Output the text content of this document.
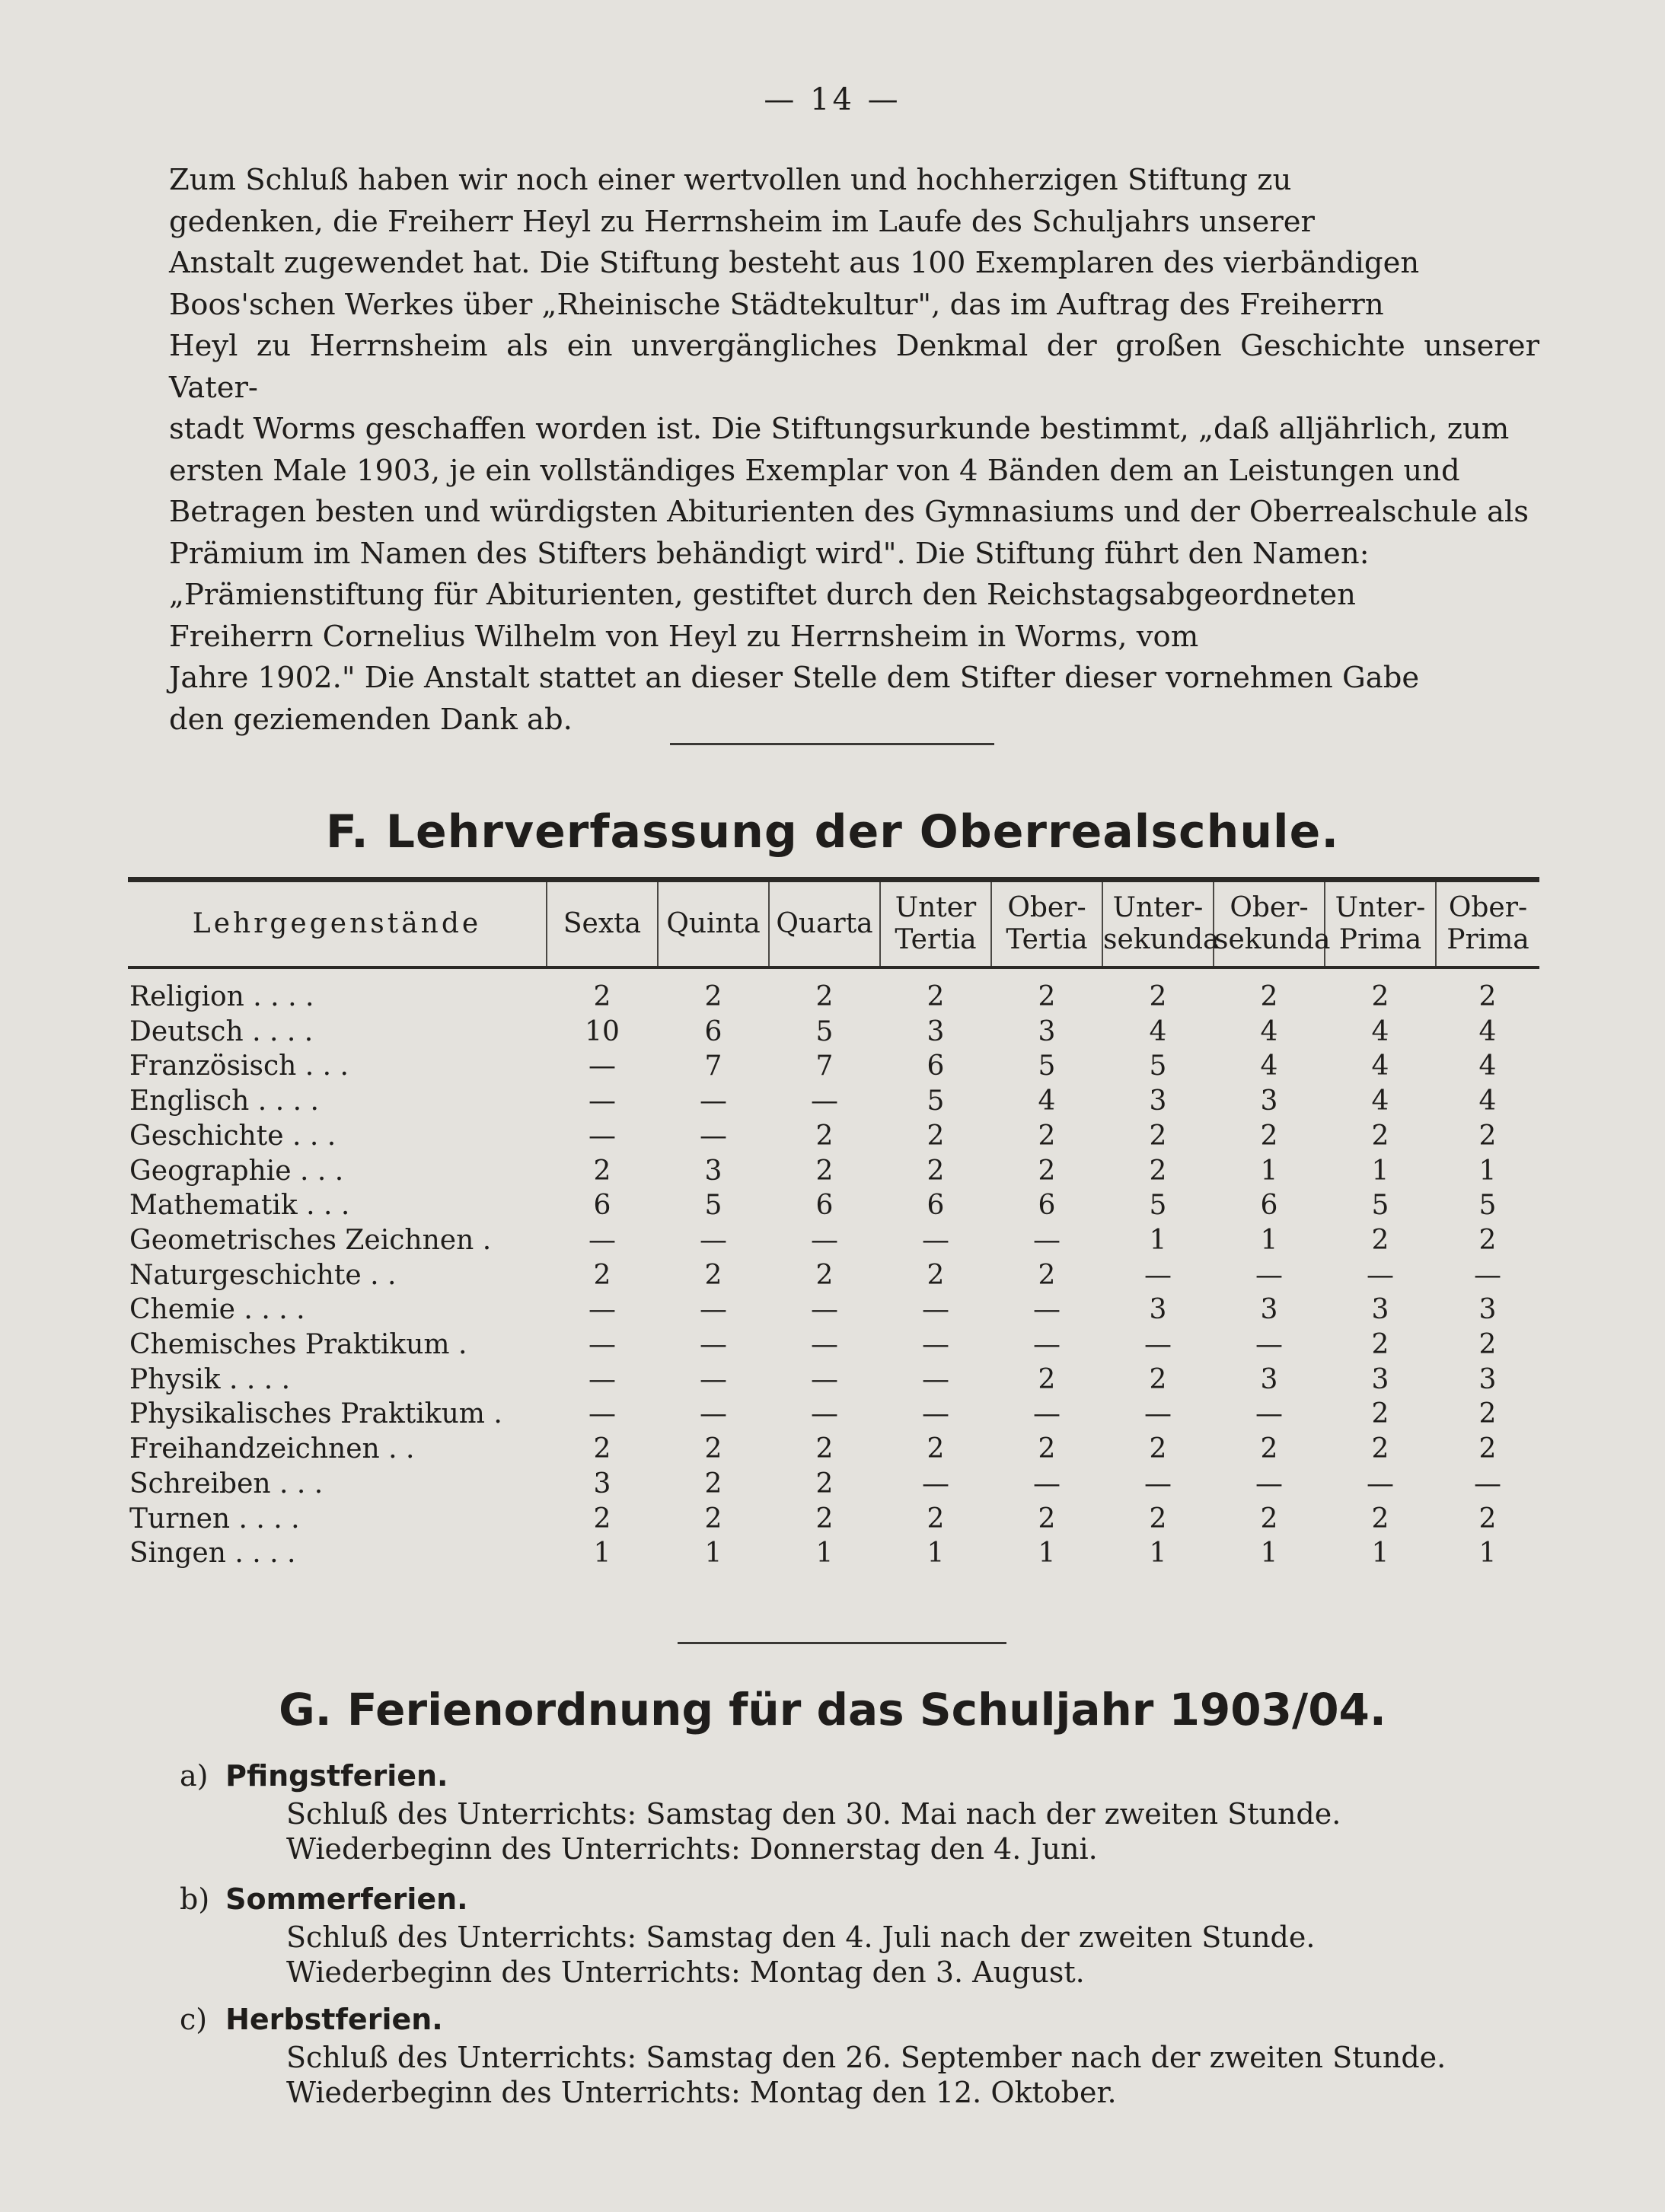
— 14 —
Zum Schluß haben wir noch einer wertvollen und hochherzigen Stiftung zu
gedenken, die Freiherr Heyl zu Herrnsheim im Laufe des Schuljahrs unserer
Anstalt zugewendet hat. Die Stiftung besteht aus 100 Exemplaren des vierbändigen
Boos'schen Werkes über „Rheinische Städtekultur", das im Auftrag des Freiherrn
Heyl zu Herrnsheim als ein unvergängliches Denkmal der großen Geschichte unserer Vater-
stadt Worms geschaffen worden ist. Die Stiftungsurkunde bestimmt, „daß alljährlich, zum
ersten Male 1903, je ein vollständiges Exemplar von 4 Bänden dem an Leistungen und
Betragen besten und würdigsten Abiturienten des Gymnasiums und der Oberrealschule als
Prämium im Namen des Stifters behändigt wird". Die Stiftung führt den Namen:
„Prämienstiftung für Abiturienten, gestiftet durch den Reichstagsabgeordneten
Freiherrn Cornelius Wilhelm von Heyl zu Herrnsheim in Worms, vom
Jahre 1902." Die Anstalt stattet an dieser Stelle dem Stifter dieser vornehmen Gabe
den geziemenden Dank ab.
F. Lehrverfassung der Oberrealschule.

Lehrgegenstände	Sexta	Quinta	Quarta	Unter Tertia	Ober- Tertia	Unter- sekunda	Ober- sekunda	Unter- Prima	Ober- Prima
Religion . . . .	2	2	2	2	2	2	2	2	2
Deutsch . . . .	10	6	5	3	3	4	4	4	4
Französisch . . .	—	7	7	6	5	5	4	4	4
Englisch . . . .	—	—	—	5	4	3	3	4	4
Geschichte . . .	—	—	2	2	2	2	2	2	2
Geographie . . .	2	3	2	2	2	2	1	1	1
Mathematik . . .	6	5	6	6	6	5	6	5	5
Geometrisches Zeichnen .	—	—	—	—	—	1	1	2	2
Naturgeschichte . .	2	2	2	2	2	—	—	—	—
Chemie . . . .	—	—	—	—	—	3	3	3	3
Chemisches Praktikum .	—	—	—	—	—	—	—	2	2
Physik . . . .	—	—	—	—	2	2	3	3	3
Physikalisches Praktikum .	—	—	—	—	—	—	—	2	2
Freihandzeichnen . .	2	2	2	2	2	2	2	2	2
Schreiben . . .	3	2	2	—	—	—	—	—	—
Turnen . . . .	2	2	2	2	2	2	2	2	2
Singen . . . .	1	1	1	1	1	1	1	1	1
G. Ferienordnung für das Schuljahr 1903/04.
a) Pfingstferien.
Schluß des Unterrichts: Samstag den 30. Mai nach der zweiten Stunde.
Wiederbeginn des Unterrichts: Donnerstag den 4. Juni.
b) Sommerferien.
Schluß des Unterrichts: Samstag den 4. Juli nach der zweiten Stunde.
Wiederbeginn des Unterrichts: Montag den 3. August.
c) Herbstferien.
Schluß des Unterrichts: Samstag den 26. September nach der zweiten Stunde.
Wiederbeginn des Unterrichts: Montag den 12. Oktober.
